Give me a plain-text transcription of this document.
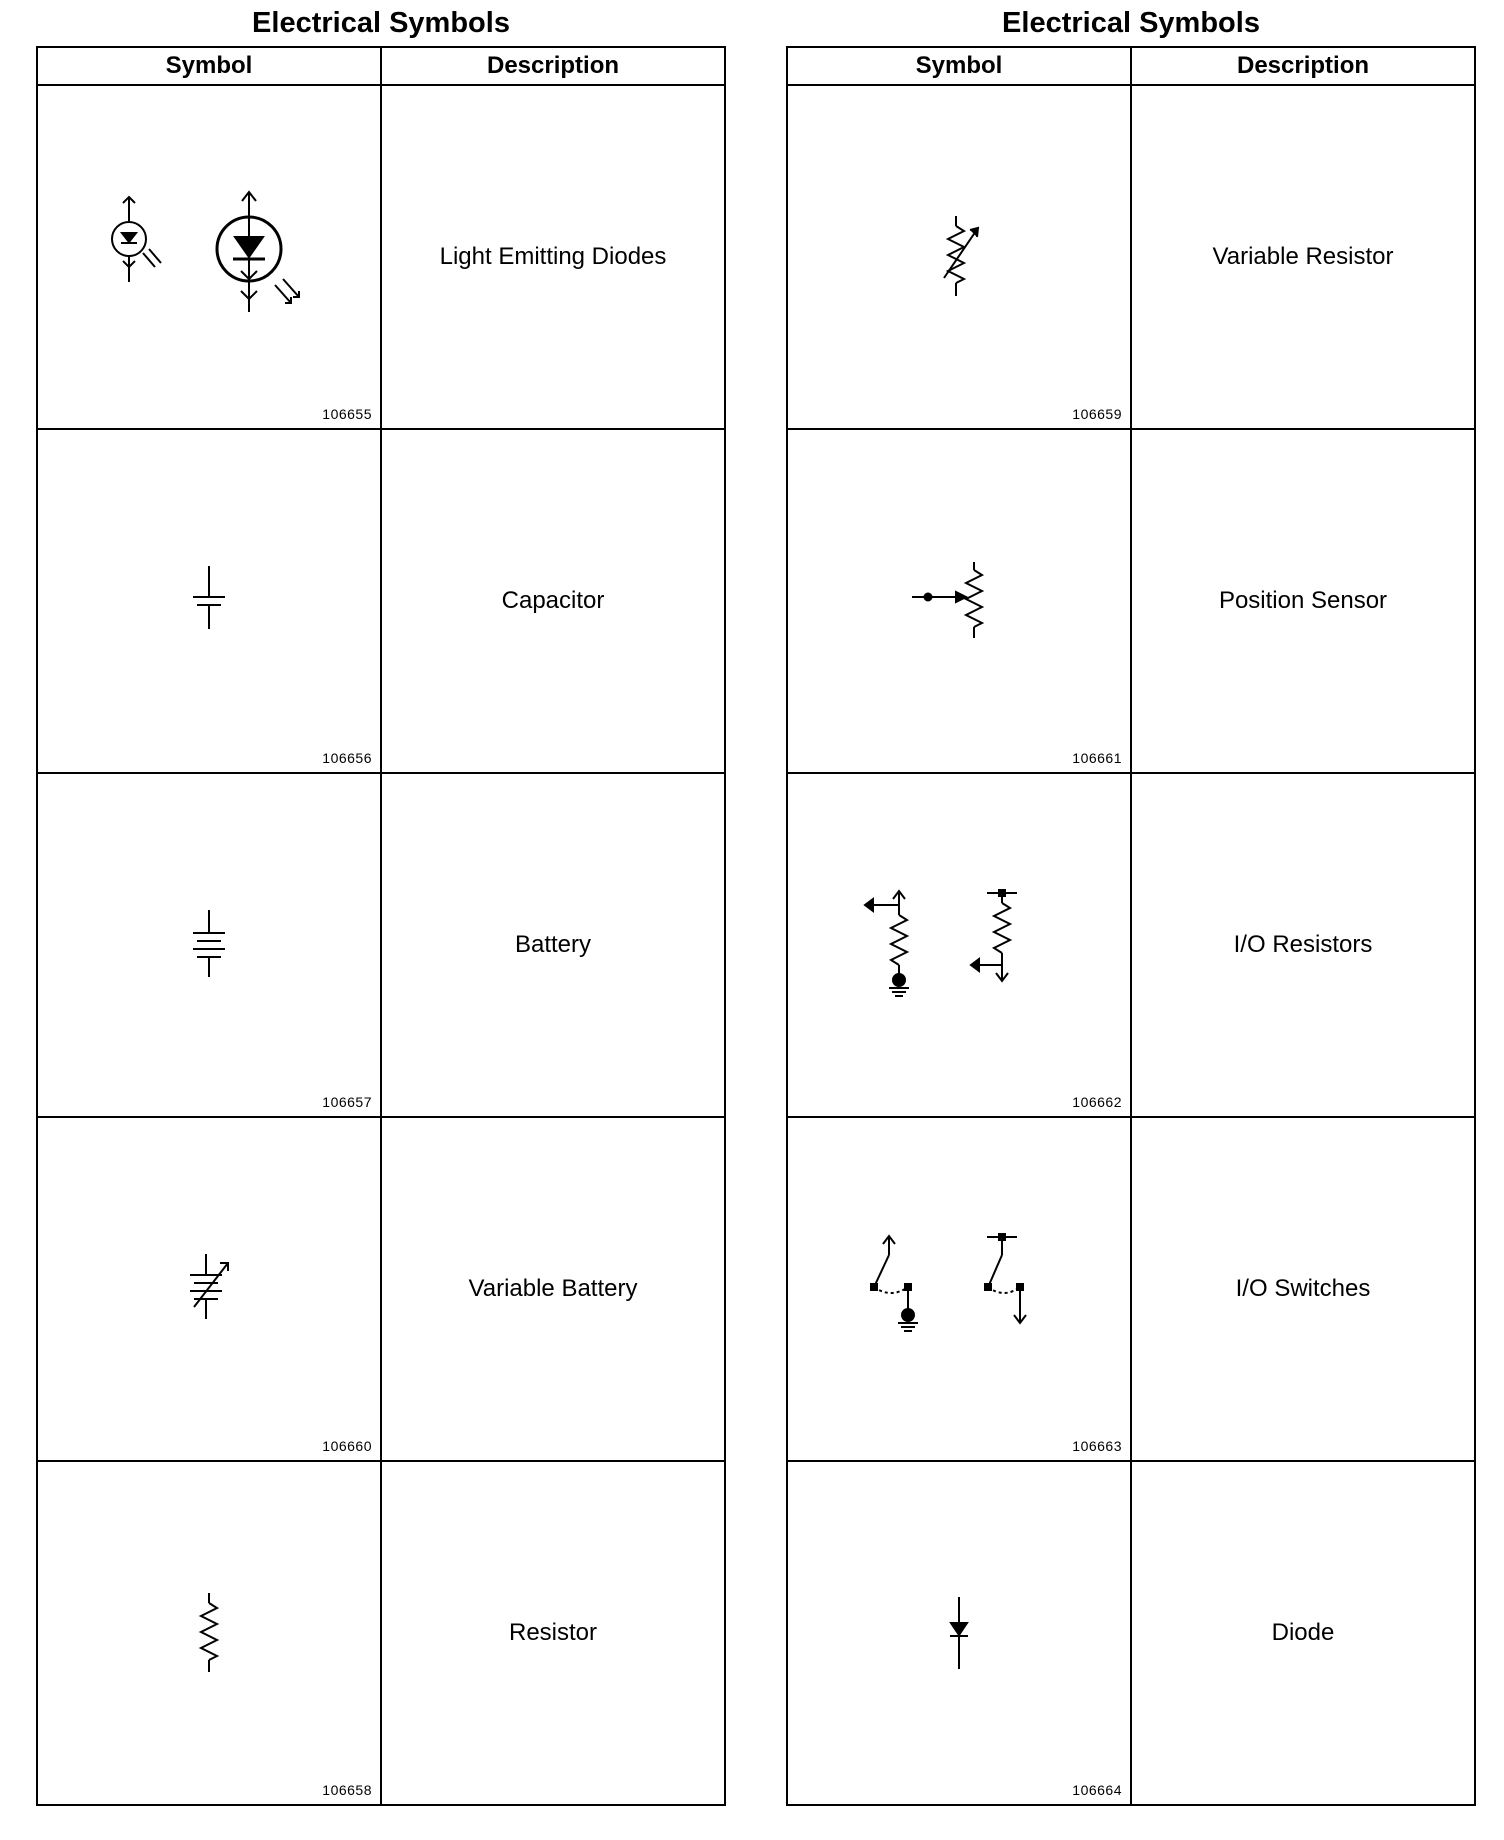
Electrical Symbols
Symbol	Description

106655	Light Emitting Diodes

106656	Capacitor

106657	Battery

106660	Variable Battery

106658	Resistor
Electrical Symbols
Symbol	Description

106659	Variable Resistor

106661	Position Sensor

106662	I/O Resistors

106663	I/O Switches

106664	Diode
